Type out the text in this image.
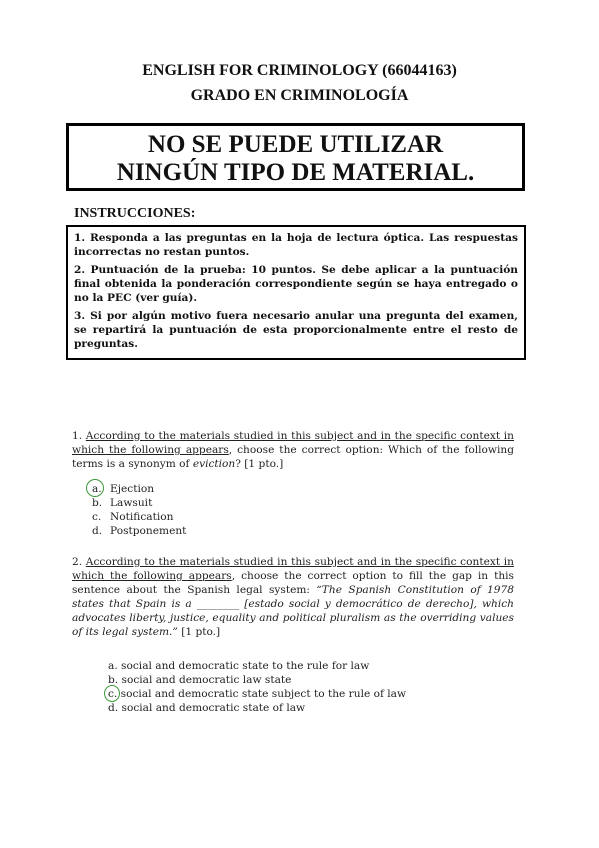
ENGLISH FOR CRIMINOLOGY (66044163)
GRADO EN CRIMINOLOGÍA
NO SE PUEDE UTILIZAR
NINGÚN TIPO DE MATERIAL.
INSTRUCCIONES:

1. Responda a las preguntas en la hoja de lectura óptica. Las respuestas incorrectas no restan puntos.

2. Puntuación de la prueba: 10 puntos. Se debe aplicar a la puntuación final obtenida la ponderación correspondiente según se haya entregado o no la PEC (ver guía).

3. Si por algún motivo fuera necesario anular una pregunta del examen, se repartirá la puntuación de esta proporcionalmente entre el resto de preguntas.

1. According to the materials studied in this subject and in the specific context in which the following appears, choose the correct option: Which of the following terms is a synonym of eviction? [1 pto.]
a. Ejection
b. Lawsuit
c. Notification
d. Postponement
2. According to the materials studied in this subject and in the specific context in which the following appears, choose the correct option to fill the gap in this sentence about the Spanish legal system: “The Spanish Constitution of 1978 states that Spain is a ________ [estado social y democrático de derecho], which advocates liberty, justice, equality and political pluralism as the overriding values of its legal system.” [1 pto.]
a. social and democratic state to the rule for law
b. social and democratic law state
c. social and democratic state subject to the rule of law
d. social and democratic state of law
